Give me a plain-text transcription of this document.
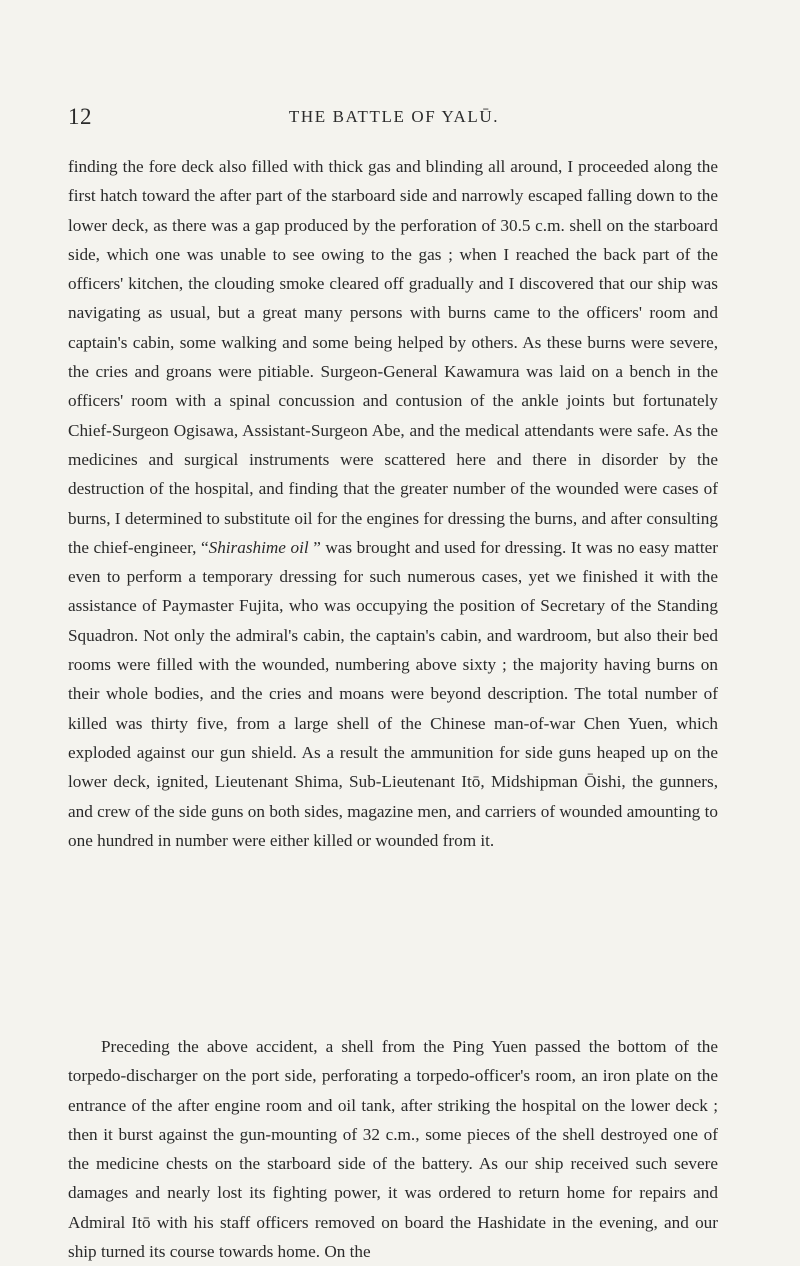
12	THE BATTLE OF YALŪ.

finding the fore deck also filled with thick gas and blinding all around, I proceeded along the first hatch toward the after part of the starboard side and narrowly escaped falling down to the lower deck, as there was a gap produced by the perforation of 30.5 c.m. shell on the starboard side, which one was unable to see owing to the gas ; when I reached the back part of the officers' kitchen, the clouding smoke cleared off gradually and I discovered that our ship was navigating as usual, but a great many persons with burns came to the officers' room and captain's cabin, some walking and some being helped by others. As these burns were severe, the cries and groans were pitiable. Surgeon-General Kawamura was laid on a bench in the officers' room with a spinal concussion and contusion of the ankle joints but fortunately Chief-Surgeon Ogisawa, Assistant-Surgeon Abe, and the medical attendants were safe. As the medicines and surgical instruments were scattered here and there in disorder by the destruction of the hospital, and finding that the greater number of the wounded were cases of burns, I determined to substitute oil for the engines for dressing the burns, and after consulting the chief-engineer, “Shirashime oil ” was brought and used for dressing. It was no easy matter even to perform a temporary dressing for such numerous cases, yet we finished it with the assistance of Paymaster Fujita, who was occupying the position of Secretary of the Standing Squadron. Not only the admiral's cabin, the captain's cabin, and wardroom, but also their bed rooms were filled with the wounded, numbering above sixty ; the majority having burns on their whole bodies, and the cries and moans were beyond description. The total number of killed was thirty five, from a large shell of the Chinese man-of-war Chen Yuen, which exploded against our gun shield. As a result the ammunition for side guns heaped up on the lower deck, ignited, Lieutenant Shima, Sub-Lieutenant Itō, Midshipman Ōishi, the gunners, and crew of the side guns on both sides, magazine men, and carriers of wounded amounting to one hundred in number were either killed or wounded from it.

Preceding the above accident, a shell from the Ping Yuen passed the bottom of the torpedo-discharger on the port side, perforating a torpedo-officer's room, an iron plate on the entrance of the after engine room and oil tank, after striking the hospital on the lower deck ; then it burst against the gun-mounting of 32 c.m., some pieces of the shell destroyed one of the medicine chests on the starboard side of the battery. As our ship received such severe damages and nearly lost its fighting power, it was ordered to return home for repairs and Admiral Itō with his staff officers removed on board the Hashidate in the evening, and our ship turned its course towards home. On the
